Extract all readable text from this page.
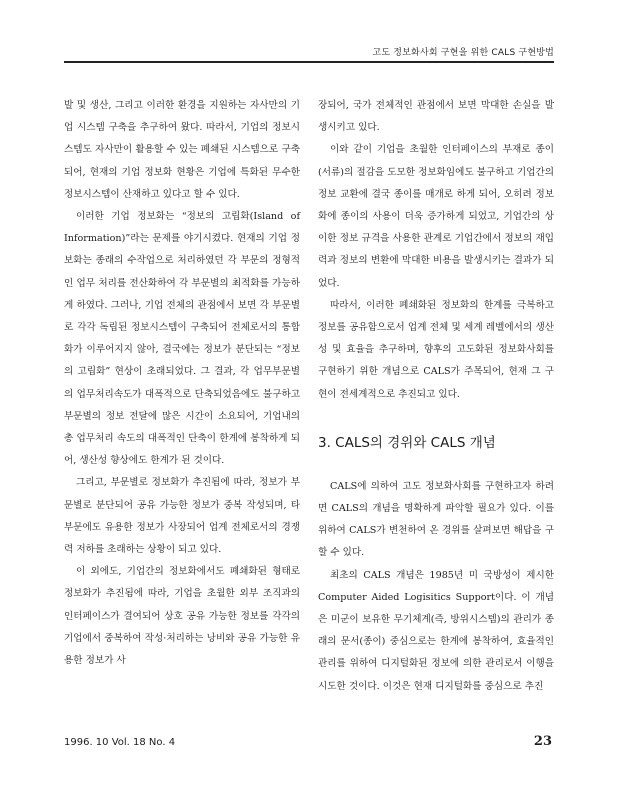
고도 정보화사회 구현을 위한 CALS 구현방법

발 및 생산, 그리고 이러한 환경을 지원하는 자사만의 기업 시스템 구축을 추구하여 왔다. 따라서, 기업의 정보시스템도 자사만이 활용할 수 있는 폐쇄된 시스템으로 구축되어, 현재의 기업 정보화 현황은 기업에 특화된 무수한 정보시스템이 산재하고 있다고 할 수 있다.

이러한 기업 정보화는 “정보의 고립화(Island of Information)”라는 문제를 야기시켰다. 현재의 기업 정보화는 종래의 수작업으로 처리하였던 각 부문의 정형적인 업무 처리를 전산화하여 각 부문별의 최적화를 가능하게 하였다. 그러나, 기업 전체의 관점에서 보면 각 부문별로 각각 독립된 정보시스템이 구축되어 전체로서의 통합화가 이루어지지 않아, 결국에는 정보가 분단되는 “정보의 고립화” 현상이 초래되었다. 그 결과, 각 업무부문별의 업무처리속도가 대폭적으로 단축되었음에도 불구하고 부문별의 정보 전달에 많은 시간이 소요되어, 기업내의 총 업무처리 속도의 대폭적인 단축이 한계에 봉착하게 되어, 생산성 향상에도 한계가 된 것이다.

그리고, 부문별로 정보화가 추진됨에 따라, 정보가 부문별로 분단되어 공유 가능한 정보가 중복 작성되며, 타 부문에도 유용한 정보가 사장되어 업계 전체로서의 경쟁력 저하를 초래하는 상황이 되고 있다.

이 외에도, 기업간의 정보화에서도 폐쇄화된 형태로 정보화가 추진됨에 따라, 기업을 초월한 외부 조직과의 인터페이스가 결여되어 상호 공유 가능한 정보를 각각의 기업에서 중복하여 작성·처리하는 낭비와 공유 가능한 유용한 정보가 사

장되어, 국가 전체적인 관점에서 보면 막대한 손실을 발생시키고 있다.

이와 같이 기업을 초월한 인터페이스의 부재로 종이(서류)의 절감을 도모한 정보화임에도 불구하고 기업간의 정보 교환에 결국 종이를 매개로 하게 되어, 오히려 정보화에 종이의 사용이 더욱 증가하게 되었고, 기업간의 상이한 정보 규격을 사용한 관계로 기업간에서 정보의 재입력과 정보의 변환에 막대한 비용을 발생시키는 결과가 되었다.

따라서, 이러한 폐쇄화된 정보화의 한계를 극복하고 정보를 공유함으로서 업계 전체 및 세계 레벨에서의 생산성 및 효율을 추구하며, 향후의 고도화된 정보화사회를 구현하기 위한 개념으로 CALS가 주목되어, 현재 그 구현이 전세계적으로 추진되고 있다.

3. CALS의 경위와 CALS 개념

CALS에 의하여 고도 정보화사회를 구현하고자 하려면 CALS의 개념을 명확하게 파악할 필요가 있다. 이를 위하여 CALS가 변천하여 온 경위를 살펴보면 해답을 구할 수 있다.

최초의 CALS 개념은 1985년 미 국방성이 제시한 Computer Aided Logisitics Support이다. 이 개념은 미군이 보유한 무기체계(즉, 방위시스템)의 관리가 종래의 문서(종이) 중심으로는 한계에 봉착하여, 효율적인 관리를 위하여 디지털화된 정보에 의한 관리로서 이행을 시도한 것이다. 이것은 현재 디지털화를 중심으로 추진

1996. 10 Vol. 18 No. 4	23
